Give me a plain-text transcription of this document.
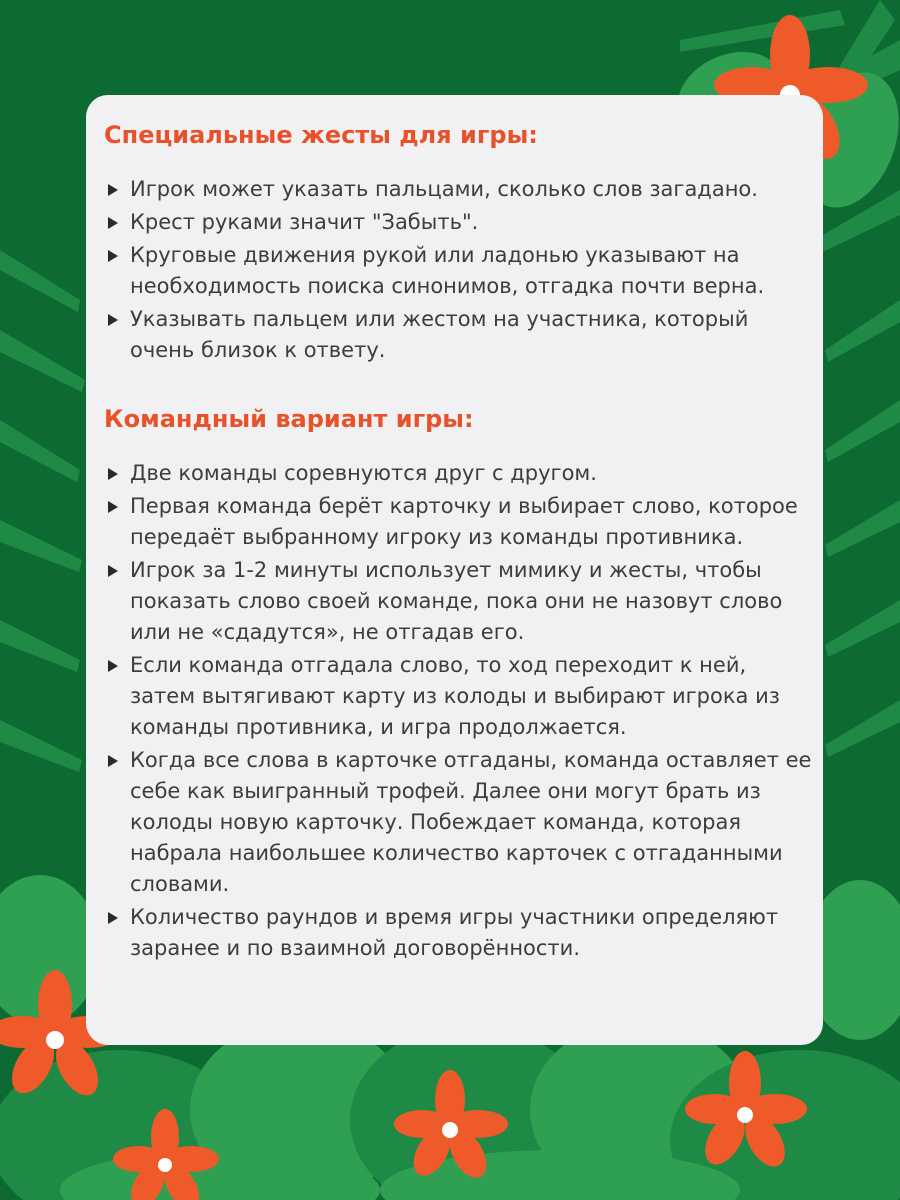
Специальные жесты для игры:
Игрок может указать пальцами, сколько слов загадано.
Крест руками значит "Забыть".
Круговые движения рукой или ладонью указывают на необходимость поиска синонимов, отгадка почти верна.
Указывать пальцем или жестом на участника, который очень близок к ответу.
Командный вариант игры:
Две команды соревнуются друг с другом.
Первая команда берёт карточку и выбирает слово, которое передаёт выбранному игроку из команды противника.
Игрок за 1-2 минуты использует мимику и жесты, чтобы показать слово своей команде, пока они не назовут слово или не «сдадутся», не отгадав его.
Если команда отгадала слово, то ход переходит к ней, затем вытягивают карту из колоды и выбирают игрока из команды противника, и игра продолжается.
Когда все слова в карточке отгаданы, команда оставляет ее себе как выигранный трофей. Далее они могут брать из колоды новую карточку. Побеждает команда, которая набрала наибольшее количество карточек с отгаданными словами.
Количество раундов и время игры участники определяют заранее и по взаимной договорённости.
